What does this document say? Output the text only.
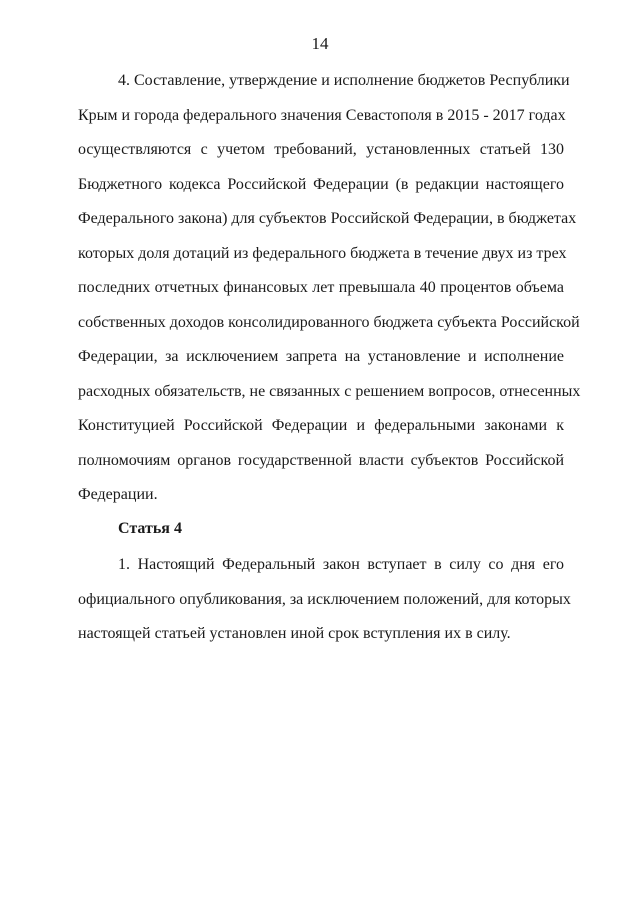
14
4. Составление, утверждение и исполнение бюджетов Республики
Крым и города федерального значения Севастополя в 2015 - 2017 годах
осуществляются с учетом требований, установленных статьей 130
Бюджетного кодекса Российской Федерации (в редакции настоящего
Федерального закона) для субъектов Российской Федерации, в бюджетах
которых доля дотаций из федерального бюджета в течение двух из трех
последних отчетных финансовых лет превышала 40 процентов объема
собственных доходов консолидированного бюджета субъекта Российской
Федерации, за исключением запрета на установление и исполнение
расходных обязательств, не связанных с решением вопросов, отнесенных
Конституцией Российской Федерации и федеральными законами к
полномочиям органов государственной власти субъектов Российской
Федерации.
Статья 4
1. Настоящий Федеральный закон вступает в силу со дня его
официального опубликования, за исключением положений, для которых
настоящей статьей установлен иной срок вступления их в силу.
